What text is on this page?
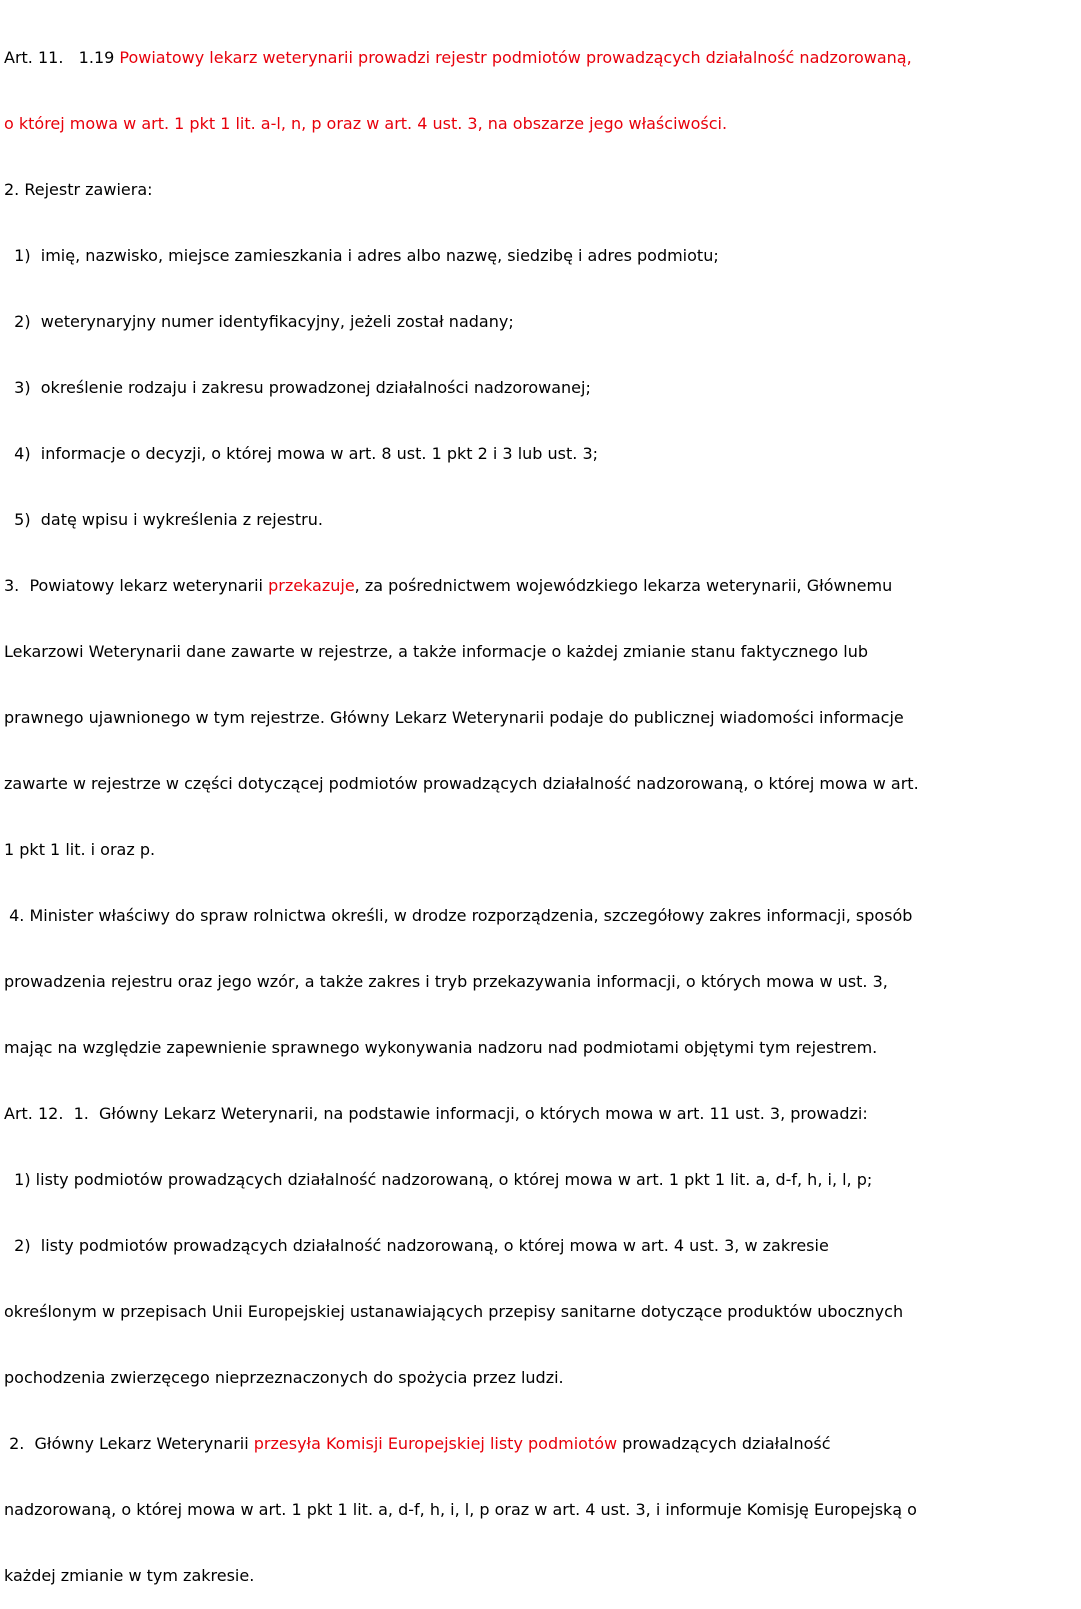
Art. 11.   1.19 Powiatowy lekarz weterynarii prowadzi rejestr podmiotów prowadzących działalność nadzorowaną,

o której mowa w art. 1 pkt 1 lit. a-l, n, p oraz w art. 4 ust. 3, na obszarze jego właściwości.

2. Rejestr zawiera:

1)  imię, nazwisko, miejsce zamieszkania i adres albo nazwę, siedzibę i adres podmiotu;

2)  weterynaryjny numer identyfikacyjny, jeżeli został nadany;

3)  określenie rodzaju i zakresu prowadzonej działalności nadzorowanej;

4)  informacje o decyzji, o której mowa w art. 8 ust. 1 pkt 2 i 3 lub ust. 3;

5)  datę wpisu i wykreślenia z rejestru.

3.  Powiatowy lekarz weterynarii przekazuje, za pośrednictwem wojewódzkiego lekarza weterynarii, Głównemu

Lekarzowi Weterynarii dane zawarte w rejestrze, a także informacje o każdej zmianie stanu faktycznego lub

prawnego ujawnionego w tym rejestrze. Główny Lekarz Weterynarii podaje do publicznej wiadomości informacje

zawarte w rejestrze w części dotyczącej podmiotów prowadzących działalność nadzorowaną, o której mowa w art.

1 pkt 1 lit. i oraz p.

4. Minister właściwy do spraw rolnictwa określi, w drodze rozporządzenia, szczegółowy zakres informacji, sposób

prowadzenia rejestru oraz jego wzór, a także zakres i tryb przekazywania informacji, o których mowa w ust. 3,

mając na względzie zapewnienie sprawnego wykonywania nadzoru nad podmiotami objętymi tym rejestrem.

Art. 12.  1.  Główny Lekarz Weterynarii, na podstawie informacji, o których mowa w art. 11 ust. 3, prowadzi:

1) listy podmiotów prowadzących działalność nadzorowaną, o której mowa w art. 1 pkt 1 lit. a, d-f, h, i, l, p;

2)  listy podmiotów prowadzących działalność nadzorowaną, o której mowa w art. 4 ust. 3, w zakresie

określonym w przepisach Unii Europejskiej ustanawiających przepisy sanitarne dotyczące produktów ubocznych

pochodzenia zwierzęcego nieprzeznaczonych do spożycia przez ludzi.

2.  Główny Lekarz Weterynarii przesyła Komisji Europejskiej listy podmiotów prowadzących działalność

nadzorowaną, o której mowa w art. 1 pkt 1 lit. a, d-f, h, i, l, p oraz w art. 4 ust. 3, i informuje Komisję Europejską o

każdej zmianie w tym zakresie.
